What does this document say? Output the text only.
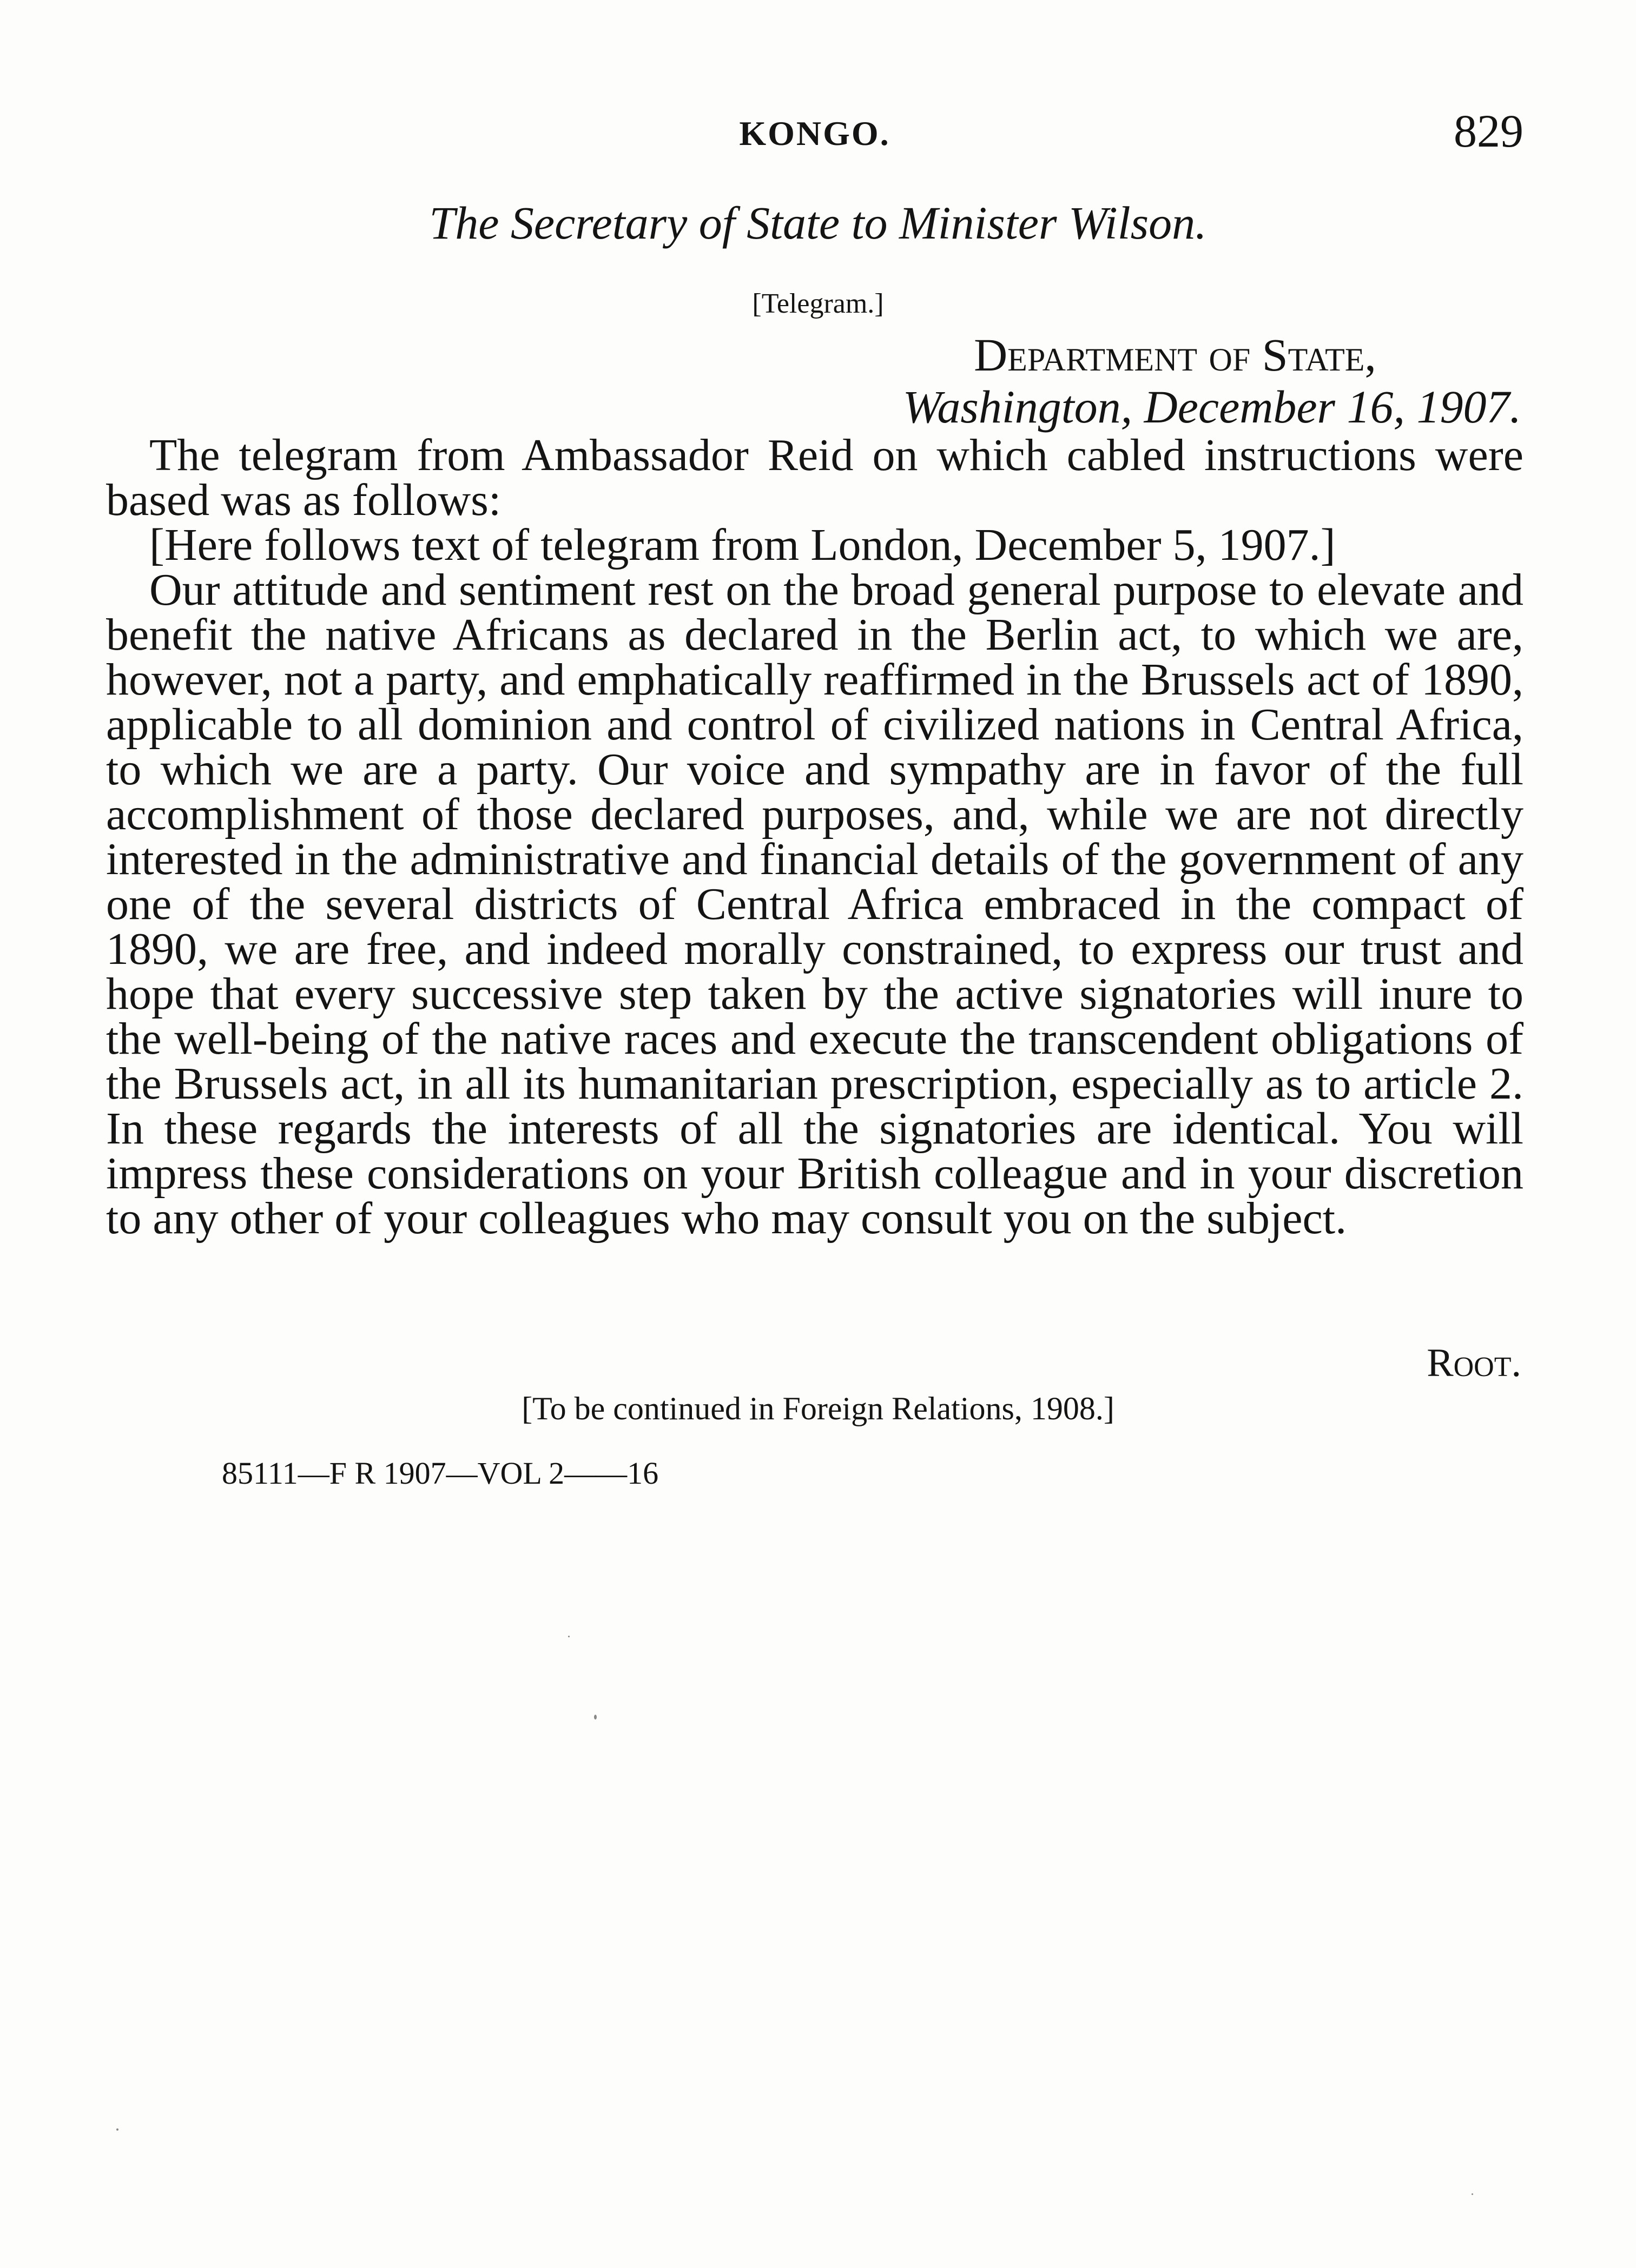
KONGO.	829
The Secretary of State to Minister Wilson.
[Telegram.]
Department of State,
Washington, December 16, 1907.

The telegram from Ambassador Reid on which cabled instructions were based was as follows:

[Here follows text of telegram from London, December 5, 1907.]

Our attitude and sentiment rest on the broad general purpose to elevate and benefit the native Africans as declared in the Berlin act, to which we are, however, not a party, and emphatically reaffirmed in the Brussels act of 1890, applicable to all dominion and control of civilized nations in Central Africa, to which we are a party. Our voice and sympathy are in favor of the full accomplishment of those declared purposes, and, while we are not directly interested in the administrative and financial details of the government of any one of the several districts of Central Africa embraced in the compact of 1890, we are free, and indeed morally constrained, to express our trust and hope that every successive step taken by the active signatories will inure to the well-being of the native races and execute the transcendent obligations of the Brussels act, in all its humanitarian prescription, especially as to article 2. In these regards the interests of all the signatories are identical. You will impress these considerations on your British colleague and in your discretion to any other of your colleagues who may consult you on the subject.

Root.
[To be continued in Foreign Relations, 1908.]
85111—F R 1907—VOL 2——16
